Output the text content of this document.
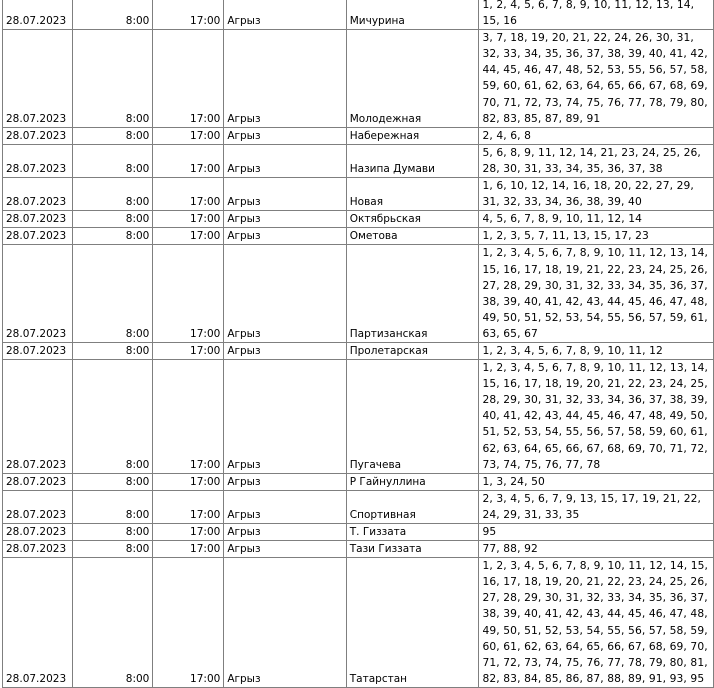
28.07.2023	8:00	17:00	Агрыз	Мичурина	1, 2, 4, 5, 6, 7, 8, 9, 10, 11, 12, 13, 14, 15, 16
28.07.2023	8:00	17:00	Агрыз	Молодежная	3, 7, 18, 19, 20, 21, 22, 24, 26, 30, 31, 32, 33, 34, 35, 36, 37, 38, 39, 40, 41, 42, 44, 45, 46, 47, 48, 52, 53, 55, 56, 57, 58, 59, 60, 61, 62, 63, 64, 65, 66, 67, 68, 69, 70, 71, 72, 73, 74, 75, 76, 77, 78, 79, 80, 82, 83, 85, 87, 89, 91
28.07.2023	8:00	17:00	Агрыз	Набережная	2, 4, 6, 8
28.07.2023	8:00	17:00	Агрыз	Назипа Думави	5, 6, 8, 9, 11, 12, 14, 21, 23, 24, 25, 26, 28, 30, 31, 33, 34, 35, 36, 37, 38
28.07.2023	8:00	17:00	Агрыз	Новая	1, 6, 10, 12, 14, 16, 18, 20, 22, 27, 29, 31, 32, 33, 34, 36, 38, 39, 40
28.07.2023	8:00	17:00	Агрыз	Октябрьская	4, 5, 6, 7, 8, 9, 10, 11, 12, 14
28.07.2023	8:00	17:00	Агрыз	Ометова	1, 2, 3, 5, 7, 11, 13, 15, 17, 23
28.07.2023	8:00	17:00	Агрыз	Партизанская	1, 2, 3, 4, 5, 6, 7, 8, 9, 10, 11, 12, 13, 14, 15, 16, 17, 18, 19, 21, 22, 23, 24, 25, 26, 27, 28, 29, 30, 31, 32, 33, 34, 35, 36, 37, 38, 39, 40, 41, 42, 43, 44, 45, 46, 47, 48, 49, 50, 51, 52, 53, 54, 55, 56, 57, 59, 61, 63, 65, 67
28.07.2023	8:00	17:00	Агрыз	Пролетарская	1, 2, 3, 4, 5, 6, 7, 8, 9, 10, 11, 12
28.07.2023	8:00	17:00	Агрыз	Пугачева	1, 2, 3, 4, 5, 6, 7, 8, 9, 10, 11, 12, 13, 14, 15, 16, 17, 18, 19, 20, 21, 22, 23, 24, 25, 28, 29, 30, 31, 32, 33, 34, 36, 37, 38, 39, 40, 41, 42, 43, 44, 45, 46, 47, 48, 49, 50, 51, 52, 53, 54, 55, 56, 57, 58, 59, 60, 61, 62, 63, 64, 65, 66, 67, 68, 69, 70, 71, 72, 73, 74, 75, 76, 77, 78
28.07.2023	8:00	17:00	Агрыз	Р Гайнуллина	1, 3, 24, 50
28.07.2023	8:00	17:00	Агрыз	Спортивная	2, 3, 4, 5, 6, 7, 9, 13, 15, 17, 19, 21, 22, 24, 29, 31, 33, 35
28.07.2023	8:00	17:00	Агрыз	Т. Гиззата	95
28.07.2023	8:00	17:00	Агрыз	Тази Гиззата	77, 88, 92
28.07.2023	8:00	17:00	Агрыз	Татарстан	1, 2, 3, 4, 5, 6, 7, 8, 9, 10, 11, 12, 14, 15, 16, 17, 18, 19, 20, 21, 22, 23, 24, 25, 26, 27, 28, 29, 30, 31, 32, 33, 34, 35, 36, 37, 38, 39, 40, 41, 42, 43, 44, 45, 46, 47, 48, 49, 50, 51, 52, 53, 54, 55, 56, 57, 58, 59, 60, 61, 62, 63, 64, 65, 66, 67, 68, 69, 70, 71, 72, 73, 74, 75, 76, 77, 78, 79, 80, 81, 82, 83, 84, 85, 86, 87, 88, 89, 91, 93, 95
